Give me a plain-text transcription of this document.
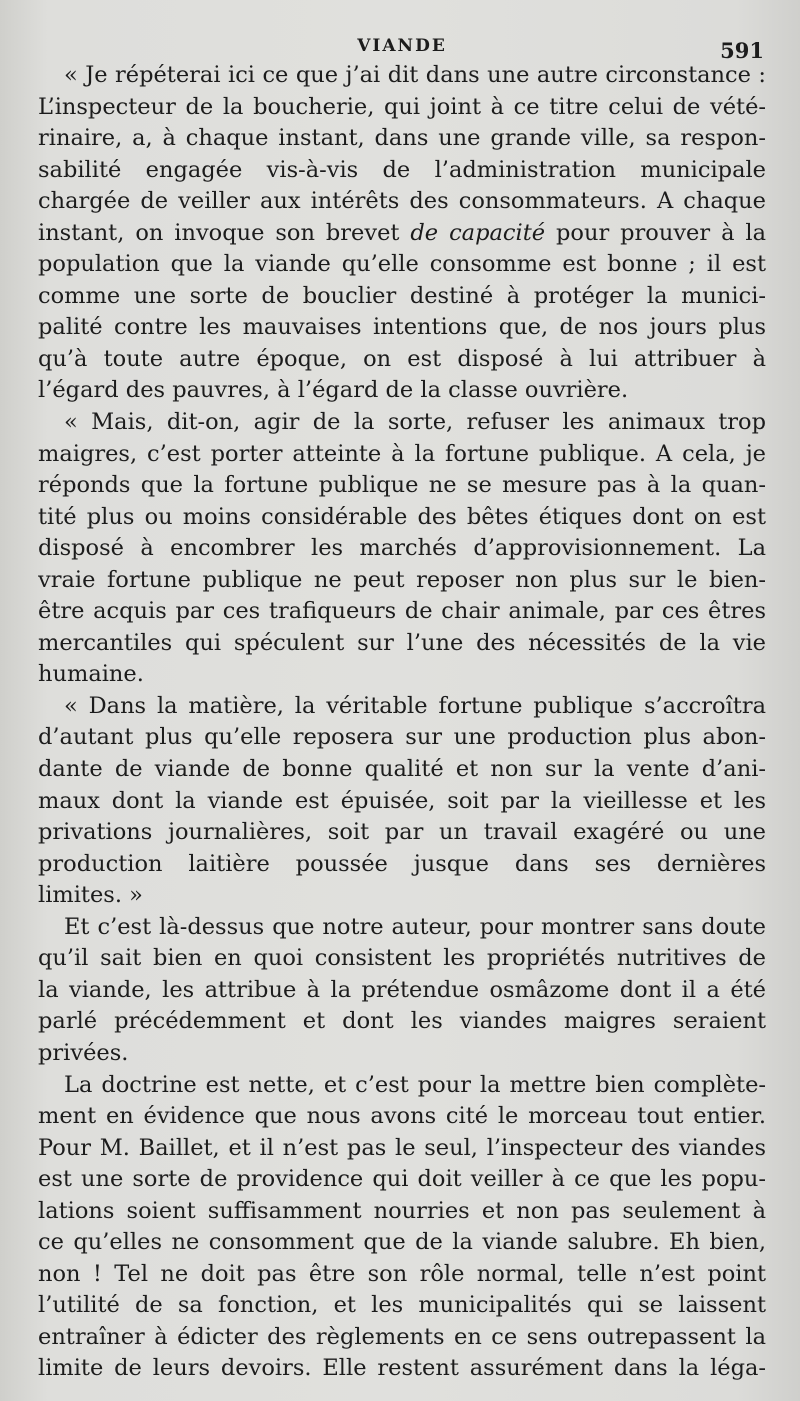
VIANDE	591
« Je répéterai ici ce que j’ai dit dans une autre circonstance :
L’inspecteur de la boucherie, qui joint à ce titre celui de vété-
rinaire, a, à chaque instant, dans une grande ville, sa respon-
sabilité engagée vis-à-vis de l’administration municipale
chargée de veiller aux intérêts des consommateurs. A chaque
instant, on invoque son brevet de capacité pour prouver à la
population que la viande qu’elle consomme est bonne ; il est
comme une sorte de bouclier destiné à protéger la munici-
palité contre les mauvaises intentions que, de nos jours plus
qu’à toute autre époque, on est disposé à lui attribuer à
l’égard des pauvres, à l’égard de la classe ouvrière.
« Mais, dit-on, agir de la sorte, refuser les animaux trop
maigres, c’est porter atteinte à la fortune publique. A cela, je
réponds que la fortune publique ne se mesure pas à la quan-
tité plus ou moins considérable des bêtes étiques dont on est
disposé à encombrer les marchés d’approvisionnement. La
vraie fortune publique ne peut reposer non plus sur le bien-
être acquis par ces trafiqueurs de chair animale, par ces êtres
mercantiles qui spéculent sur l’une des nécessités de la vie
humaine.
« Dans la matière, la véritable fortune publique s’accroîtra
d’autant plus qu’elle reposera sur une production plus abon-
dante de viande de bonne qualité et non sur la vente d’ani-
maux dont la viande est épuisée, soit par la vieillesse et les
privations journalières, soit par un travail exagéré ou une
production laitière poussée jusque dans ses dernières
limites. »
Et c’est là-dessus que notre auteur, pour montrer sans doute
qu’il sait bien en quoi consistent les propriétés nutritives de
la viande, les attribue à la prétendue osmâzome dont il a été
parlé précédemment et dont les viandes maigres seraient
privées.
La doctrine est nette, et c’est pour la mettre bien complète-
ment en évidence que nous avons cité le morceau tout entier.
Pour M. Baillet, et il n’est pas le seul, l’inspecteur des viandes
est une sorte de providence qui doit veiller à ce que les popu-
lations soient suffisamment nourries et non pas seulement à
ce qu’elles ne consomment que de la viande salubre. Eh bien,
non ! Tel ne doit pas être son rôle normal, telle n’est point
l’utilité de sa fonction, et les municipalités qui se laissent
entraîner à édicter des règlements en ce sens outrepassent la
limite de leurs devoirs. Elle restent assurément dans la léga-
